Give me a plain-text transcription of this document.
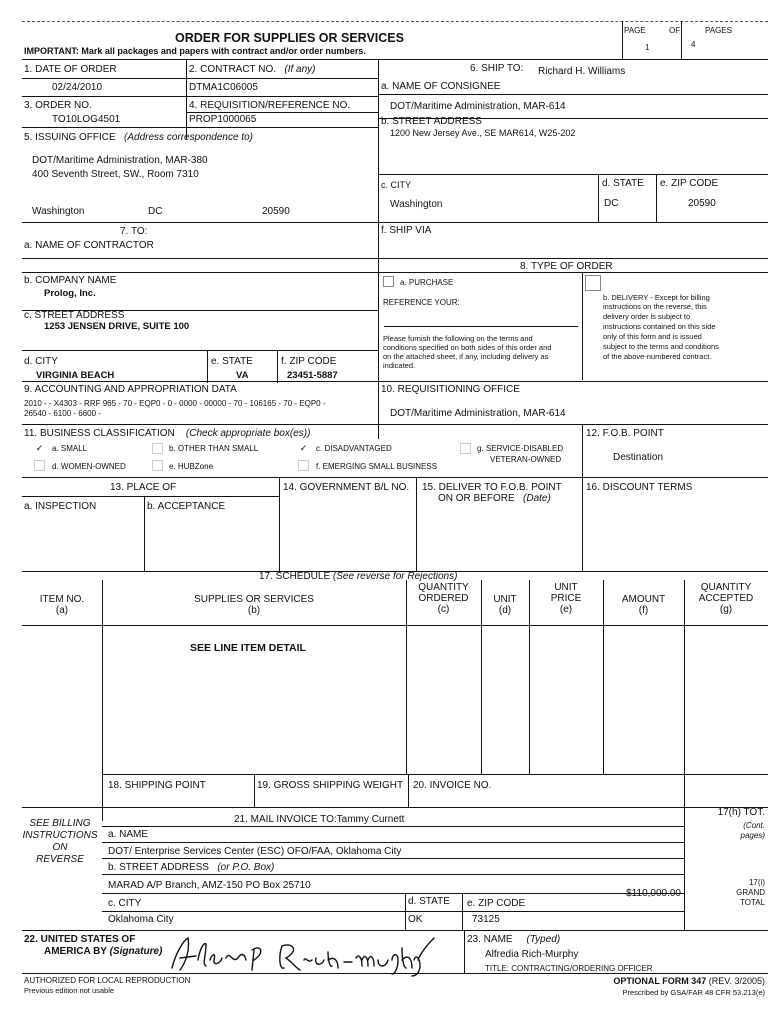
PAGE	OF	PAGES
1	4
ORDER FOR SUPPLIES OR SERVICES
IMPORTANT: Mark all packages and papers with contract and/or order numbers.
1. DATE OF ORDER
02/24/2010
2. CONTRACT NO. (If any)
DTMA1C06005
3. ORDER NO.
TO10LOG4501
4. REQUISITION/REFERENCE NO.
PROP1000065
5. ISSUING OFFICE (Address correspondence to)
DOT/Maritime Administration, MAR-380
400 Seventh Street, SW., Room 7310
Washington	DC	20590
6. SHIP TO: Richard H. Williams
a. NAME OF CONSIGNEE
DOT/Maritime Administration, MAR-614
b. STREET ADDRESS
1200 New Jersey Ave., SE MAR614, W25-202
c. CITY
Washington
d. STATE
DC
e. ZIP CODE
20590
f. SHIP VIA
7. TO:
a. NAME OF CONTRACTOR
b. COMPANY NAME
Prolog, Inc.
c. STREET ADDRESS
1253 JENSEN DRIVE, SUITE 100
d. CITY
VIRGINIA BEACH
e. STATE
VA
f. ZIP CODE
23451-5887
8. TYPE OF ORDER
a. PURCHASE
REFERENCE YOUR:
Please furnish the following on the terms and
conditions specified on both sides of this order and
on the attached sheet, if any, including delivery as
indicated.
b. DELIVERY - Except for billing
instructions on the reverse, this
delivery order is subject to
instructions contained on this side
only of this form and is issued
subject to the terms and conditions
of the above-numbered contract.
9. ACCOUNTING AND APPROPRIATION DATA
2010 - - X4303 - RRF 965 - 70 - EQP0 - 0 - 0000 - 00000 - 70 - 106165 - 70 - EQP0 -
26540 - 6100 - 6600 -
10. REQUISITIONING OFFICE
DOT/Maritime Administration, MAR-614
11. BUSINESS CLASSIFICATION (Check appropriate box(es))
✓ a. SMALL	b. OTHER THAN SMALL	✓ c. DISADVANTAGED	g. SERVICE-DISABLED
VETERAN-OWNED
d. WOMEN-OWNED	e. HUBZone	f. EMERGING SMALL BUSINESS
12. F.O.B. POINT
Destination
13. PLACE OF
a. INSPECTION	b. ACCEPTANCE
14. GOVERNMENT B/L NO. 15. DELIVER TO F.O.B. POINT
ON OR BEFORE (Date)
16. DISCOUNT TERMS
17. SCHEDULE (See reverse for Rejections)
ITEM NO.
(a)
SUPPLIES OR SERVICES
(b)
QUANTITY
ORDERED
(c)
UNIT
(d)
UNIT
PRICE
(e)
AMOUNT
(f)
QUANTITY
ACCEPTED
(g)
SEE LINE ITEM DETAIL
18. SHIPPING POINT	19. GROSS SHIPPING WEIGHT 20. INVOICE NO.
17(h) TOT.
(Cont.
pages)
17(i)
GRAND
TOTAL
$110,000.00
21. MAIL INVOICE TO:Tammy Curnett
SEE BILLING
INSTRUCTIONS
ON
REVERSE
a. NAME
DOT/ Enterprise Services Center (ESC) OFO/FAA, Oklahoma City
b. STREET ADDRESS (or P.O. Box)
MARAD A/P Branch, AMZ-150 PO Box 25710
c. CITY
Oklahoma City
d. STATE
OK
e. ZIP CODE
73125
22. UNITED STATES OF
AMERICA BY (Signature)
23. NAME (Typed)
Alfredia Rich-Murphy
TITLE: CONTRACTING/ORDERING OFFICER
AUTHORIZED FOR LOCAL REPRODUCTION
Previous edition not usable
OPTIONAL FORM 347 (REV. 3/2005)
Prescribed by GSA/FAR 48 CFR 53.213(e)
